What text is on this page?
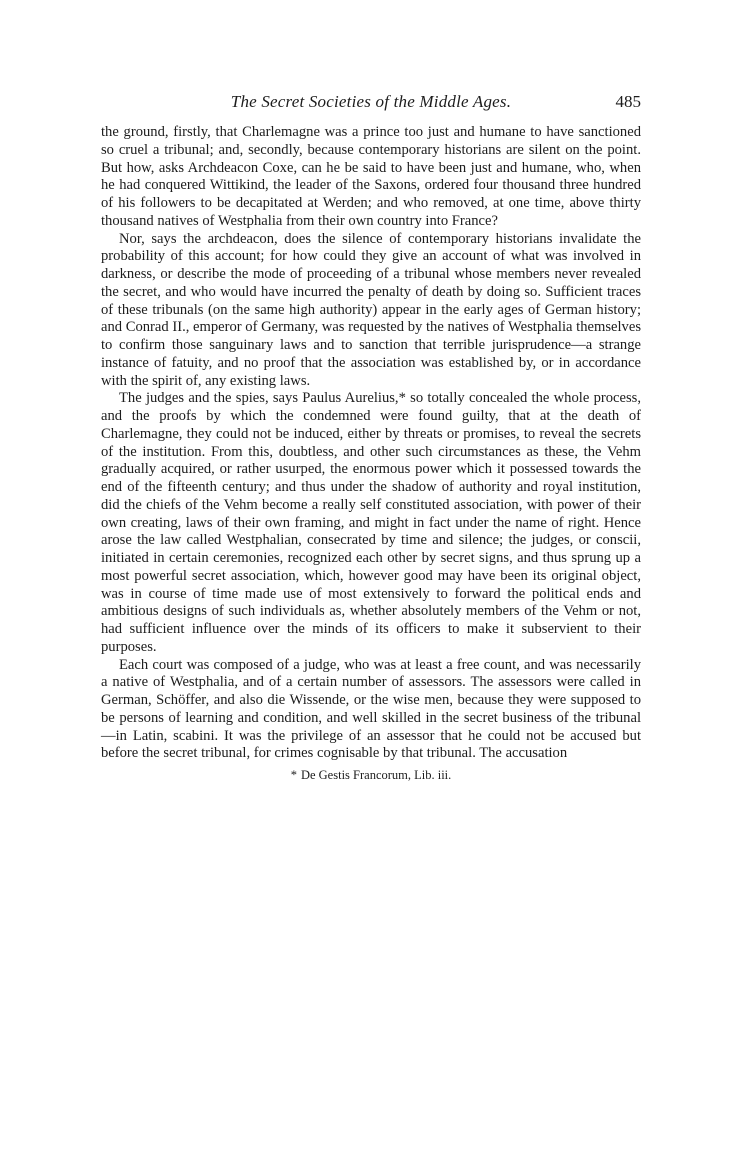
The Secret Societies of the Middle Ages.	485

the ground, firstly, that Charlemagne was a prince too just and humane to have sanctioned so cruel a tribunal; and, secondly, because contemporary historians are silent on the point. But how, asks Archdeacon Coxe, can he be said to have been just and humane, who, when he had conquered Wittikind, the leader of the Saxons, ordered four thousand three hundred of his followers to be decapitated at Werden; and who removed, at one time, above thirty thousand natives of Westphalia from their own country into France?

Nor, says the archdeacon, does the silence of contemporary historians invalidate the probability of this account; for how could they give an account of what was involved in darkness, or describe the mode of proceeding of a tribunal whose members never revealed the secret, and who would have incurred the penalty of death by doing so. Sufficient traces of these tribunals (on the same high authority) appear in the early ages of German history; and Conrad II., emperor of Germany, was requested by the natives of Westphalia themselves to confirm those sanguinary laws and to sanction that terrible jurisprudence—a strange instance of fatuity, and no proof that the association was established by, or in accordance with the spirit of, any existing laws.

The judges and the spies, says Paulus Aurelius,* so totally concealed the whole process, and the proofs by which the condemned were found guilty, that at the death of Charlemagne, they could not be induced, either by threats or promises, to reveal the secrets of the institution. From this, doubtless, and other such circumstances as these, the Vehm gradually acquired, or rather usurped, the enormous power which it possessed towards the end of the fifteenth century; and thus under the shadow of authority and royal institution, did the chiefs of the Vehm become a really self constituted association, with power of their own creating, laws of their own framing, and might in fact under the name of right. Hence arose the law called Westphalian, consecrated by time and silence; the judges, or conscii, initiated in certain ceremonies, recognized each other by secret signs, and thus sprung up a most powerful secret association, which, however good may have been its original object, was in course of time made use of most extensively to forward the political ends and ambitious designs of such individuals as, whether absolutely members of the Vehm or not, had sufficient influence over the minds of its officers to make it subservient to their purposes.

Each court was composed of a judge, who was at least a free count, and was necessarily a native of Westphalia, and of a certain number of assessors. The assessors were called in German, Schöffer, and also die Wissende, or the wise men, because they were supposed to be persons of learning and condition, and well skilled in the secret business of the tribunal—in Latin, scabini. It was the privilege of an assessor that he could not be accused but before the secret tribunal, for crimes cognisable by that tribunal. The accusation

* De Gestis Francorum, Lib. iii.
